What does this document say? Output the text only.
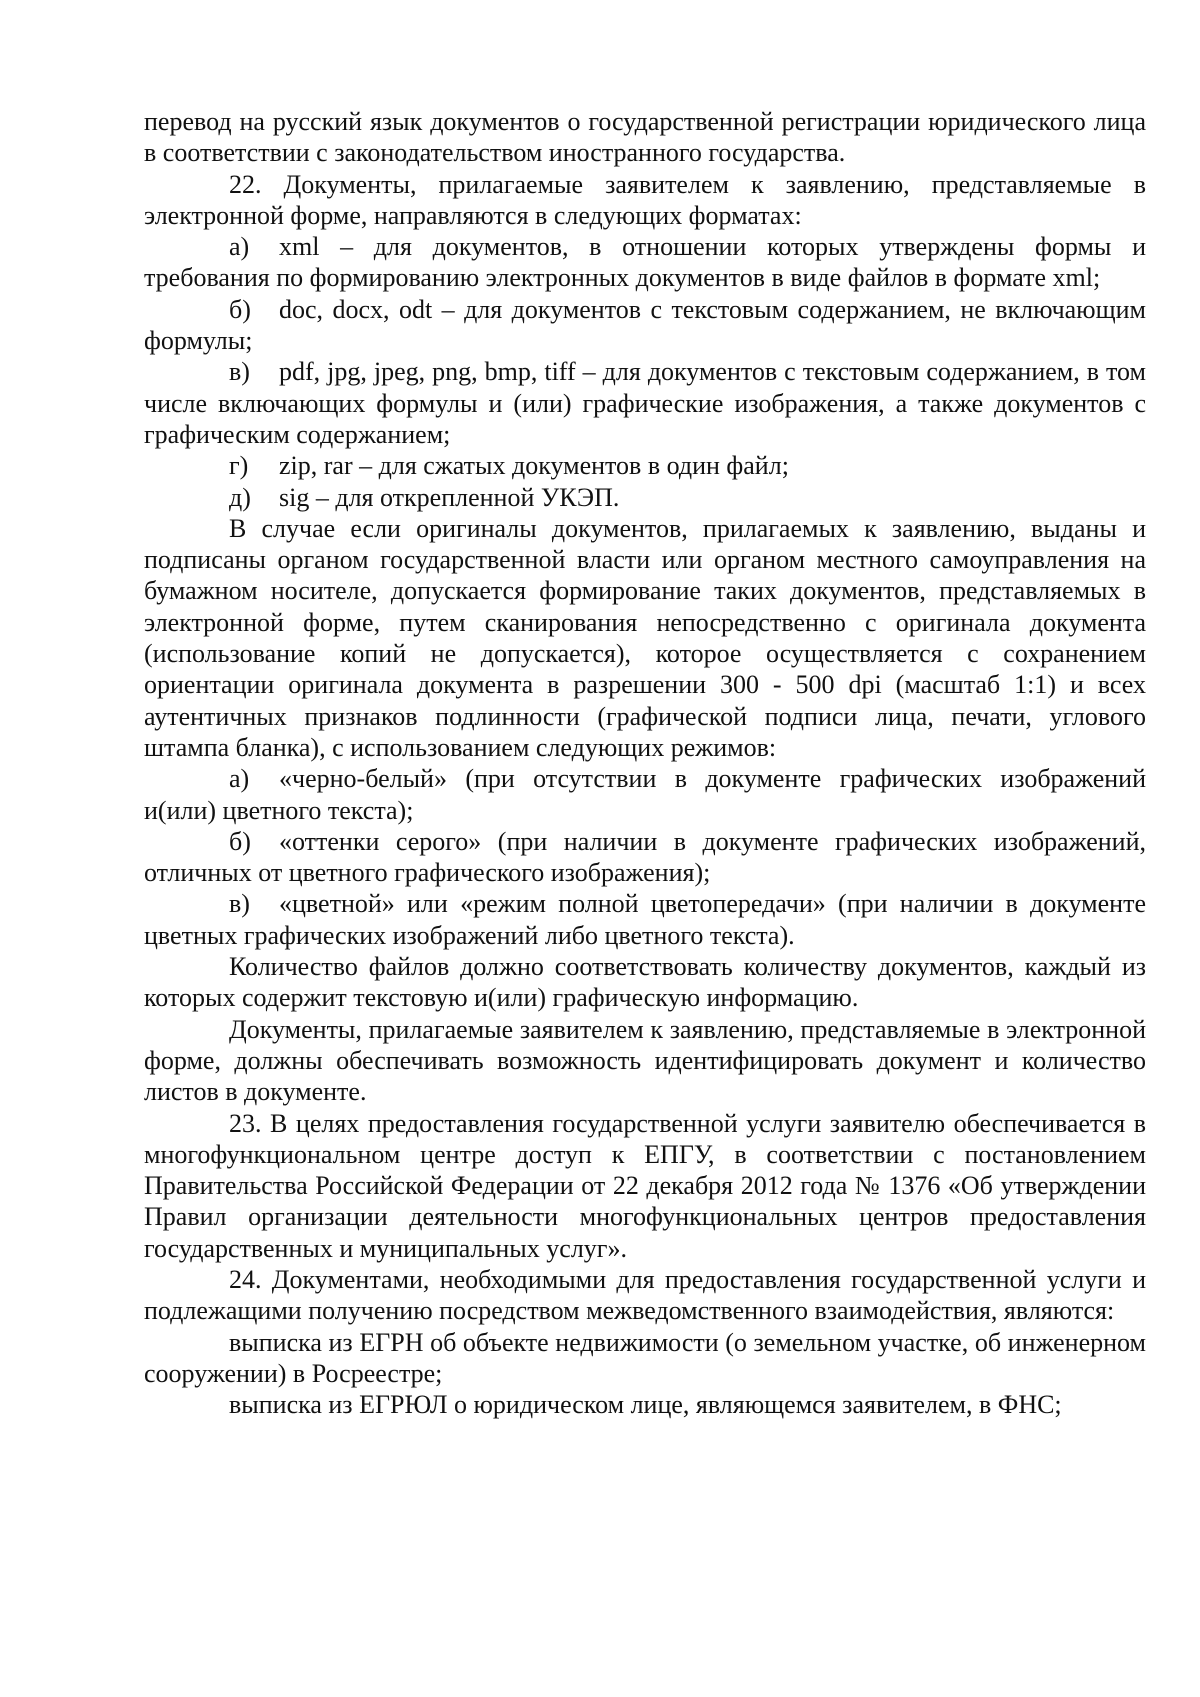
перевод на русский язык документов о государственной регистрации юридического лица в соответствии с законодательством иностранного государства.

22. Документы, прилагаемые заявителем к заявлению, представляемые в электронной форме, направляются в следующих форматах:

а) xml – для документов, в отношении которых утверждены формы и требования по формированию электронных документов в виде файлов в формате xml;

б) doc, docx, odt – для документов с текстовым содержанием, не включающим формулы;

в) pdf, jpg, jpeg, png, bmp, tiff – для документов с текстовым содержанием, в том числе включающих формулы и (или) графические изображения, а также документов с графическим содержанием;

г) zip, rar – для сжатых документов в один файл;

д) sig – для открепленной УКЭП.

В случае если оригиналы документов, прилагаемых к заявлению, выданы и подписаны органом государственной власти или органом местного самоуправления на бумажном носителе, допускается формирование таких документов, представляемых в электронной форме, путем сканирования непосредственно с оригинала документа (использование копий не допускается), которое осуществляется с сохранением ориентации оригинала документа в разрешении 300 - 500 dpi (масштаб 1:1) и всех аутентичных признаков подлинности (графической подписи лица, печати, углового штампа бланка), с использованием следующих режимов:

а) «черно-белый» (при отсутствии в документе графических изображений и(или) цветного текста);

б) «оттенки серого» (при наличии в документе графических изображений, отличных от цветного графического изображения);

в) «цветной» или «режим полной цветопередачи» (при наличии в документе цветных графических изображений либо цветного текста).

Количество файлов должно соответствовать количеству документов, каждый из которых содержит текстовую и(или) графическую информацию.

Документы, прилагаемые заявителем к заявлению, представляемые в электронной форме, должны обеспечивать возможность идентифицировать документ и количество листов в документе.

23. В целях предоставления государственной услуги заявителю обеспечивается в многофункциональном центре доступ к ЕПГУ, в соответствии с постановлением Правительства Российской Федерации от 22 декабря 2012 года № 1376 «Об утверждении Правил организации деятельности многофункциональных центров предоставления государственных и муниципальных услуг».

24. Документами, необходимыми для предоставления государственной услуги и подлежащими получению посредством межведомственного взаимодействия, являются:

выписка из ЕГРН об объекте недвижимости (о земельном участке, об инженерном сооружении) в Росреестре;

выписка из ЕГРЮЛ о юридическом лице, являющемся заявителем, в ФНС;
